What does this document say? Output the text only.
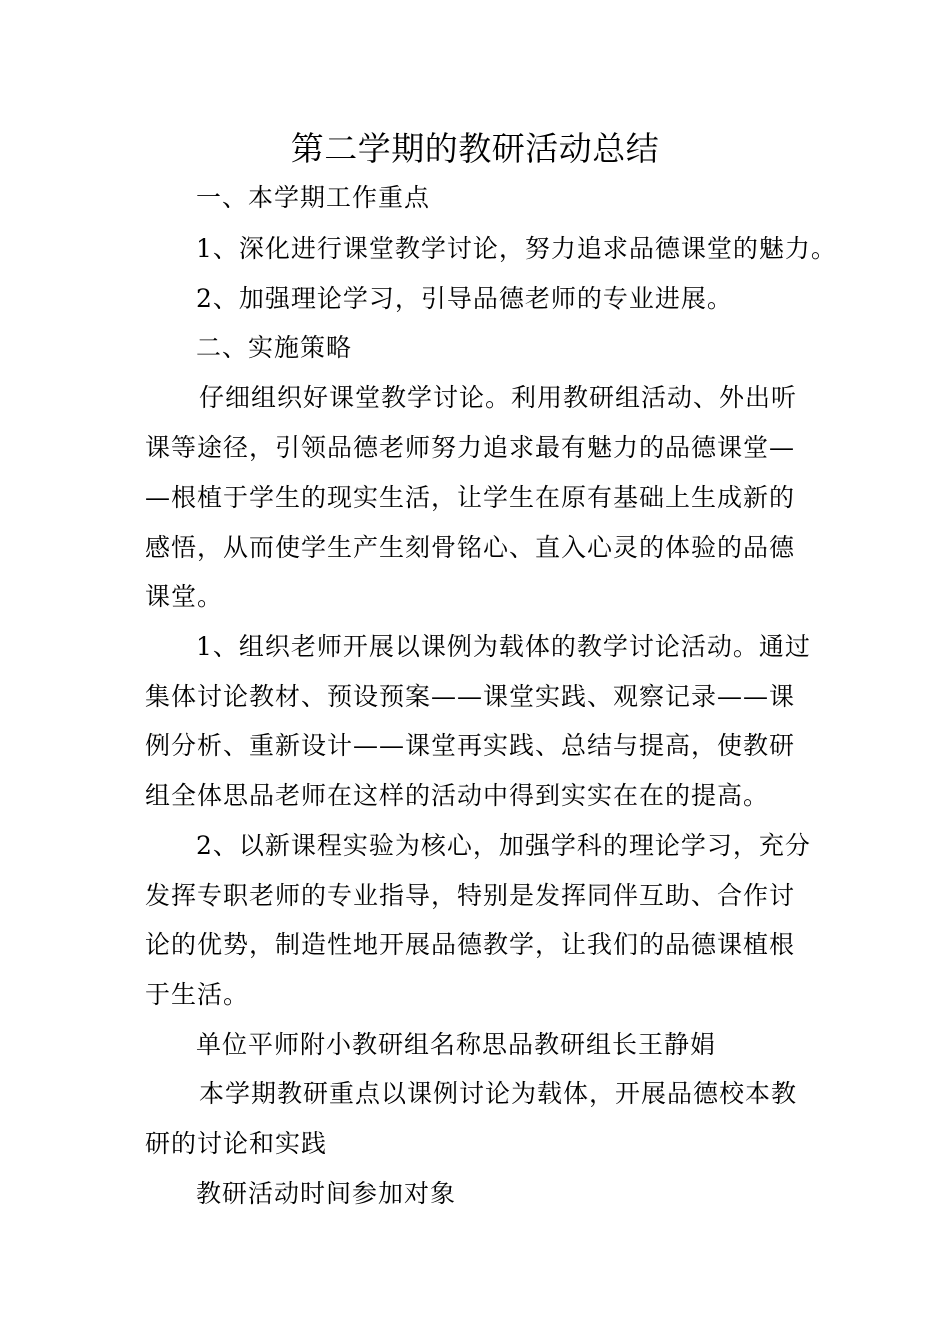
第二学期的教研活动总结
一、本学期工作重点
1、深化进行课堂教学讨论，努力追求品德课堂的魅力。
2、加强理论学习，引导品德老师的专业进展。
二、实施策略
仔细组织好课堂教学讨论。利用教研组活动、外出听
课等途径，引领品德老师努力追求最有魅力的品德课堂—
—根植于学生的现实生活，让学生在原有基础上生成新的
感悟，从而使学生产生刻骨铭心、直入心灵的体验的品德
课堂。
1、组织老师开展以课例为载体的教学讨论活动。通过
集体讨论教材、预设预案——课堂实践、观察记录——课
例分析、重新设计——课堂再实践、总结与提高，使教研
组全体思品老师在这样的活动中得到实实在在的提高。
2、以新课程实验为核心，加强学科的理论学习，充分
发挥专职老师的专业指导，特别是发挥同伴互助、合作讨
论的优势，制造性地开展品德教学，让我们的品德课植根
于生活。
单位平师附小教研组名称思品教研组长王静娟
本学期教研重点以课例讨论为载体，开展品德校本教
研的讨论和实践
教研活动时间参加对象
